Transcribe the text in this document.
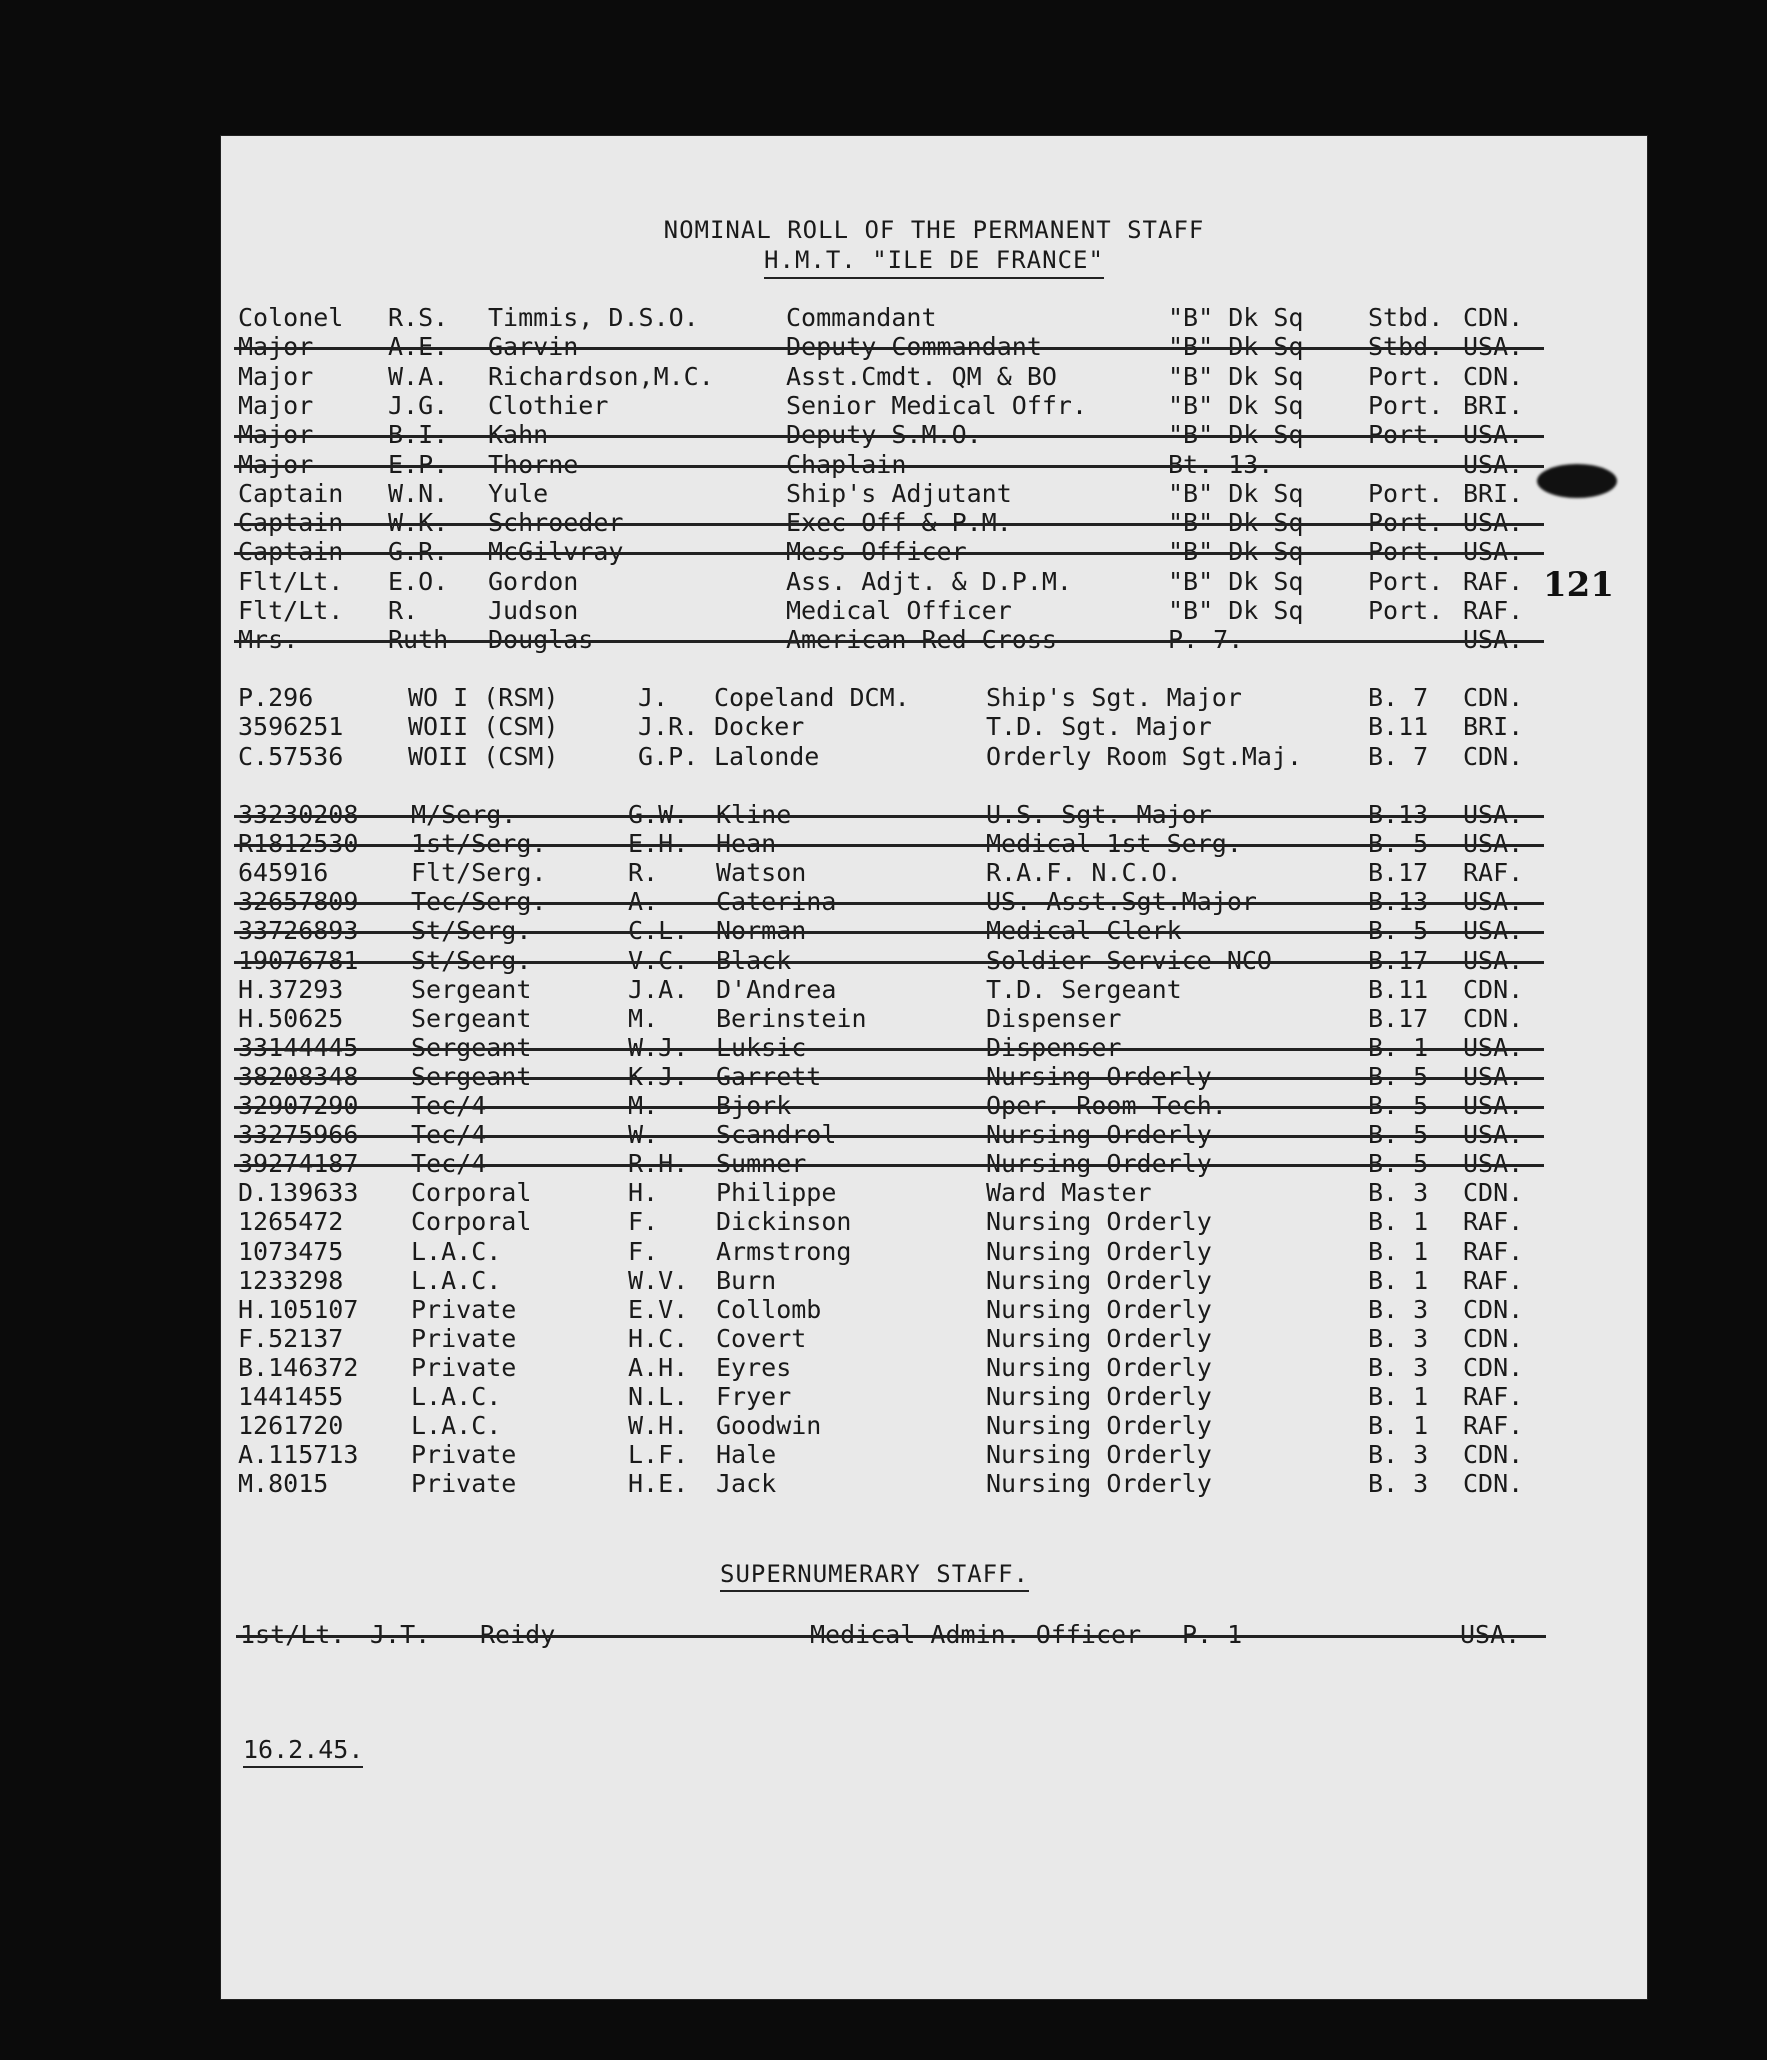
121
NOMINAL ROLL OF THE PERMANENT STAFF
H.M.T. "ILE DE FRANCE"
Colonel R.S. Timmis, D.S.O.	Commandant	"B" Dk Sq	Stbd. CDN.
Major	A.E. Garvin	Deputy Commandant	"B" Dk Sq	Stbd. USA.
Major	W.A. Richardson,M.C.	Asst.Cmdt. QM & BO	"B" Dk Sq	Port. CDN.
Major	J.G. Clothier	Senior Medical Offr.	"B" Dk Sq	Port. BRI.
Major	B.I. Kahn	Deputy S.M.O.	"B" Dk Sq	Port. USA.
Major	E.P. Thorne	Chaplain	Bt. 13.	USA.
Captain W.N. Yule	Ship's Adjutant	"B" Dk Sq	Port. BRI.
Captain W.K. Schroeder	Exec Off & P.M.	"B" Dk Sq	Port. USA.
Captain G.R. McGilvray	Mess Officer	"B" Dk Sq	Port. USA.
Flt/Lt. E.O. Gordon	Ass. Adjt. & D.P.M.	"B" Dk Sq	Port. RAF.
Flt/Lt. R.	Judson	Medical Officer	"B" Dk Sq	Port. RAF.
Mrs.	Ruth Douglas	American Red Cross	P. 7.	USA.
P.296	WO I (RSM)	J. Copeland DCM.	Ship's Sgt. Major	B. 7 CDN.
3596251	WOII (CSM)	J.R. Docker	T.D. Sgt. Major	B.11 BRI.
C.57536	WOII (CSM)	G.P. Lalonde	Orderly Room Sgt.Maj.	B. 7 CDN.
33230208 M/Serg.	G.W. Kline	U.S. Sgt. Major	B.13 USA.
R1812530 1st/Serg.	E.H. Hean	Medical 1st Serg.	B. 5 USA.
645916	Flt/Serg.	R. Watson	R.A.F. N.C.O.	B.17 RAF.
32657809 Tec/Serg.	A. Caterina	US. Asst.Sgt.Major	B.13 USA.
33726893 St/Serg.	C.L. Norman	Medical Clerk	B. 5 USA.
19076781 St/Serg.	V.C. Black	Soldier Service NCO	B.17 USA.
H.37293	Sergeant	J.A. D'Andrea	T.D. Sergeant	B.11 CDN.
H.50625	Sergeant	M. Berinstein	Dispenser	B.17 CDN.
33144445 Sergeant	W.J. Luksic	Dispenser	B. 1 USA.
38208348 Sergeant	K.J. Garrett	Nursing Orderly	B. 5 USA.
32907290 Tec/4	M. Bjork	Oper. Room Tech.	B. 5 USA.
33275966 Tec/4	W. Scandrol	Nursing Orderly	B. 5 USA.
39274187 Tec/4	R.H. Sumner	Nursing Orderly	B. 5 USA.
D.139633 Corporal	H. Philippe	Ward Master	B. 3 CDN.
1265472	Corporal	F. Dickinson	Nursing Orderly	B. 1 RAF.
1073475	L.A.C.	F. Armstrong	Nursing Orderly	B. 1 RAF.
1233298	L.A.C.	W.V. Burn	Nursing Orderly	B. 1 RAF.
H.105107 Private	E.V. Collomb	Nursing Orderly	B. 3 CDN.
F.52137	Private	H.C. Covert	Nursing Orderly	B. 3 CDN.
B.146372 Private	A.H. Eyres	Nursing Orderly	B. 3 CDN.
1441455	L.A.C.	N.L. Fryer	Nursing Orderly	B. 1 RAF.
1261720	L.A.C.	W.H. Goodwin	Nursing Orderly	B. 1 RAF.
A.115713 Private	L.F. Hale	Nursing Orderly	B. 3 CDN.
M.8015	Private	H.E. Jack	Nursing Orderly	B. 3 CDN.
SUPERNUMERARY STAFF.
1st/Lt. J.T. Reidy	Medical Admin. Officer P. 1	USA.
16.2.45.
